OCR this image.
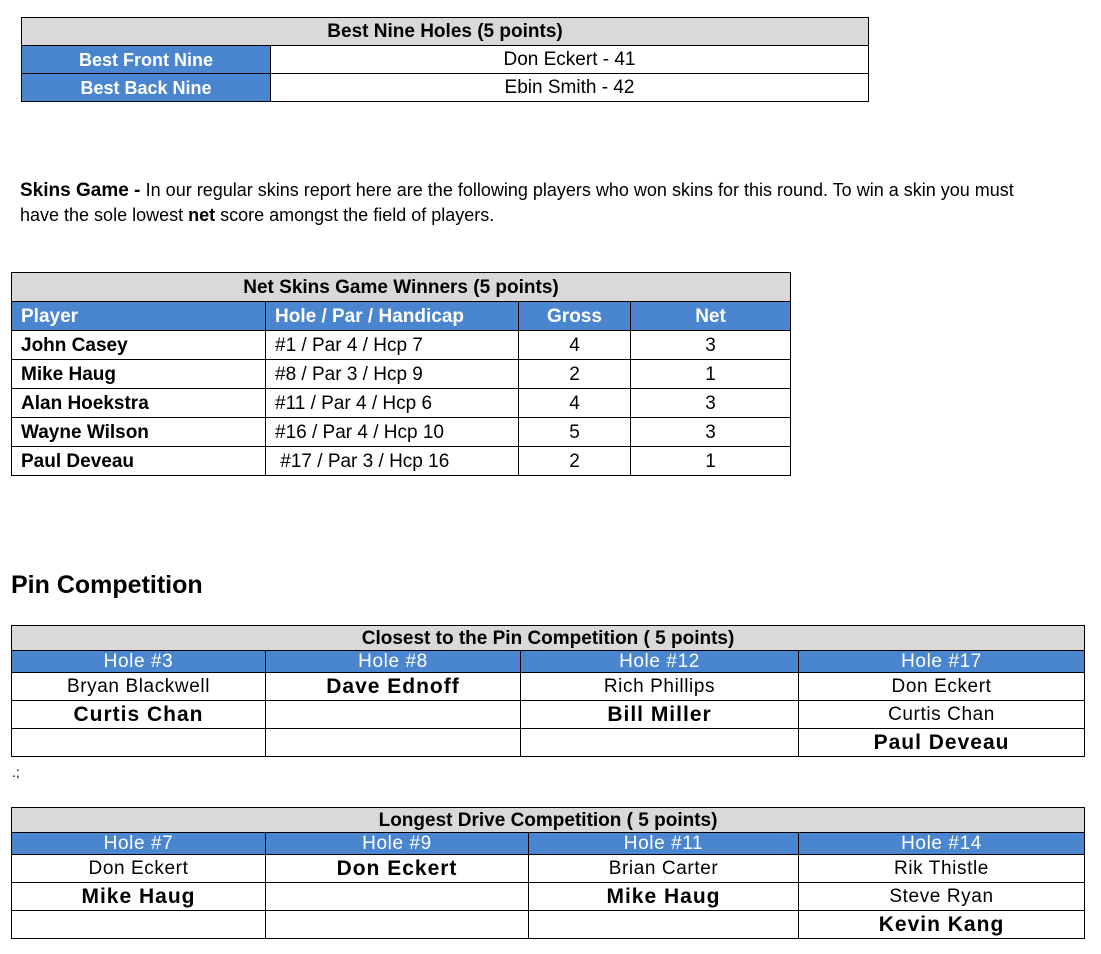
Best Nine Holes (5 points)	
Best Front Nine	Don Eckert - 41
Best Back Nine	Ebin Smith - 42
Skins Game - In our regular skins report here are the following players who won skins for this round. To win a skin you must have the sole lowest net score amongst the field of players.
Net Skins Game Winners (5 points)			
Player	Hole / Par / Handicap	Gross	Net
John Casey	#1 / Par 4 / Hcp 7	4	3
Mike Haug	#8 / Par 3 / Hcp 9	2	1
Alan Hoekstra	#11 / Par 4 / Hcp 6	4	3
Wayne Wilson	#16 / Par 4 / Hcp 10	5	3
Paul Deveau	#17 / Par 3 / Hcp 16	2	1
Pin Competition
Closest to the Pin Competition ( 5 points)			
Hole #3	Hole #8	Hole #12	Hole #17
Bryan Blackwell	Dave Ednoff	Rich Phillips	Don Eckert
Curtis Chan		Bill Miller	Curtis Chan
			Paul Deveau
.;
Longest Drive Competition ( 5 points)			
Hole #7	Hole #9	Hole #11	Hole #14
Don Eckert	Don Eckert	Brian Carter	Rik Thistle
Mike Haug		Mike Haug	Steve Ryan
			Kevin Kang
